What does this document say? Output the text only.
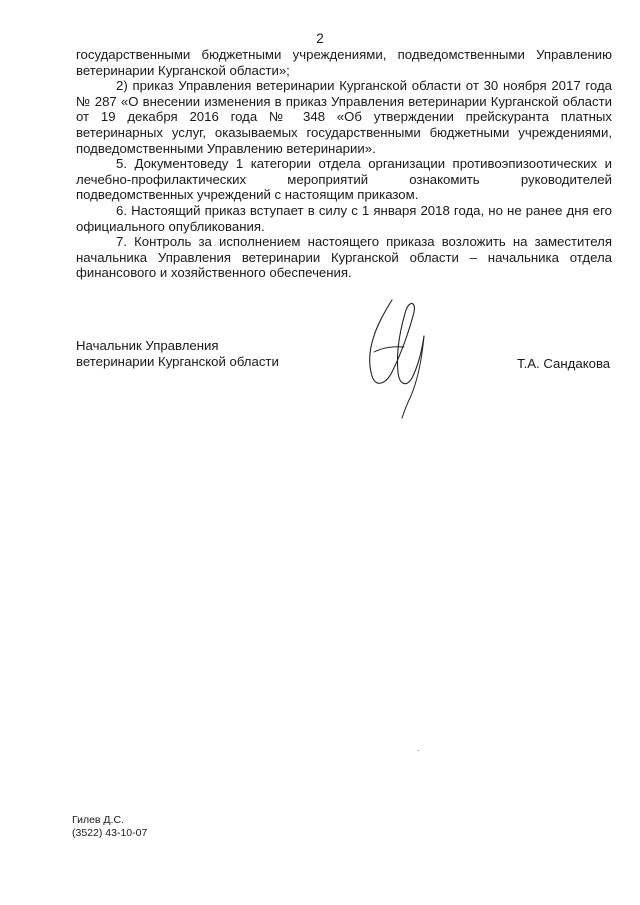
2

государственными бюджетными учреждениями, подведомственными Управлению ветеринарии Курганской области»;

2) приказ Управления ветеринарии Курганской области от 30 ноября 2017 года № 287 «О внесении изменения в приказ Управления ветеринарии Курганской области от 19 декабря 2016 года № 348 «Об утверждении прейскуранта платных ветеринарных услуг, оказываемых государственными бюджетными учреждениями, подведомственными Управлению ветеринарии».

5. Документоведу 1 категории отдела организации противоэпизоотических и лечебно-профилактических мероприятий ознакомить руководителей подведомственных учреждений с настоящим приказом.

6. Настоящий приказ вступает в силу с 1 января 2018 года, но не ранее дня его официального опубликования.

7. Контроль за исполнением настоящего приказа возложить на заместителя начальника Управления ветеринарии Курганской области – начальника отдела финансового и хозяйственного обеспечения.

Начальник Управления
ветеринарии Курганской области	Т.А. Сандакова
Гилев Д.С.
(3522) 43-10-07
